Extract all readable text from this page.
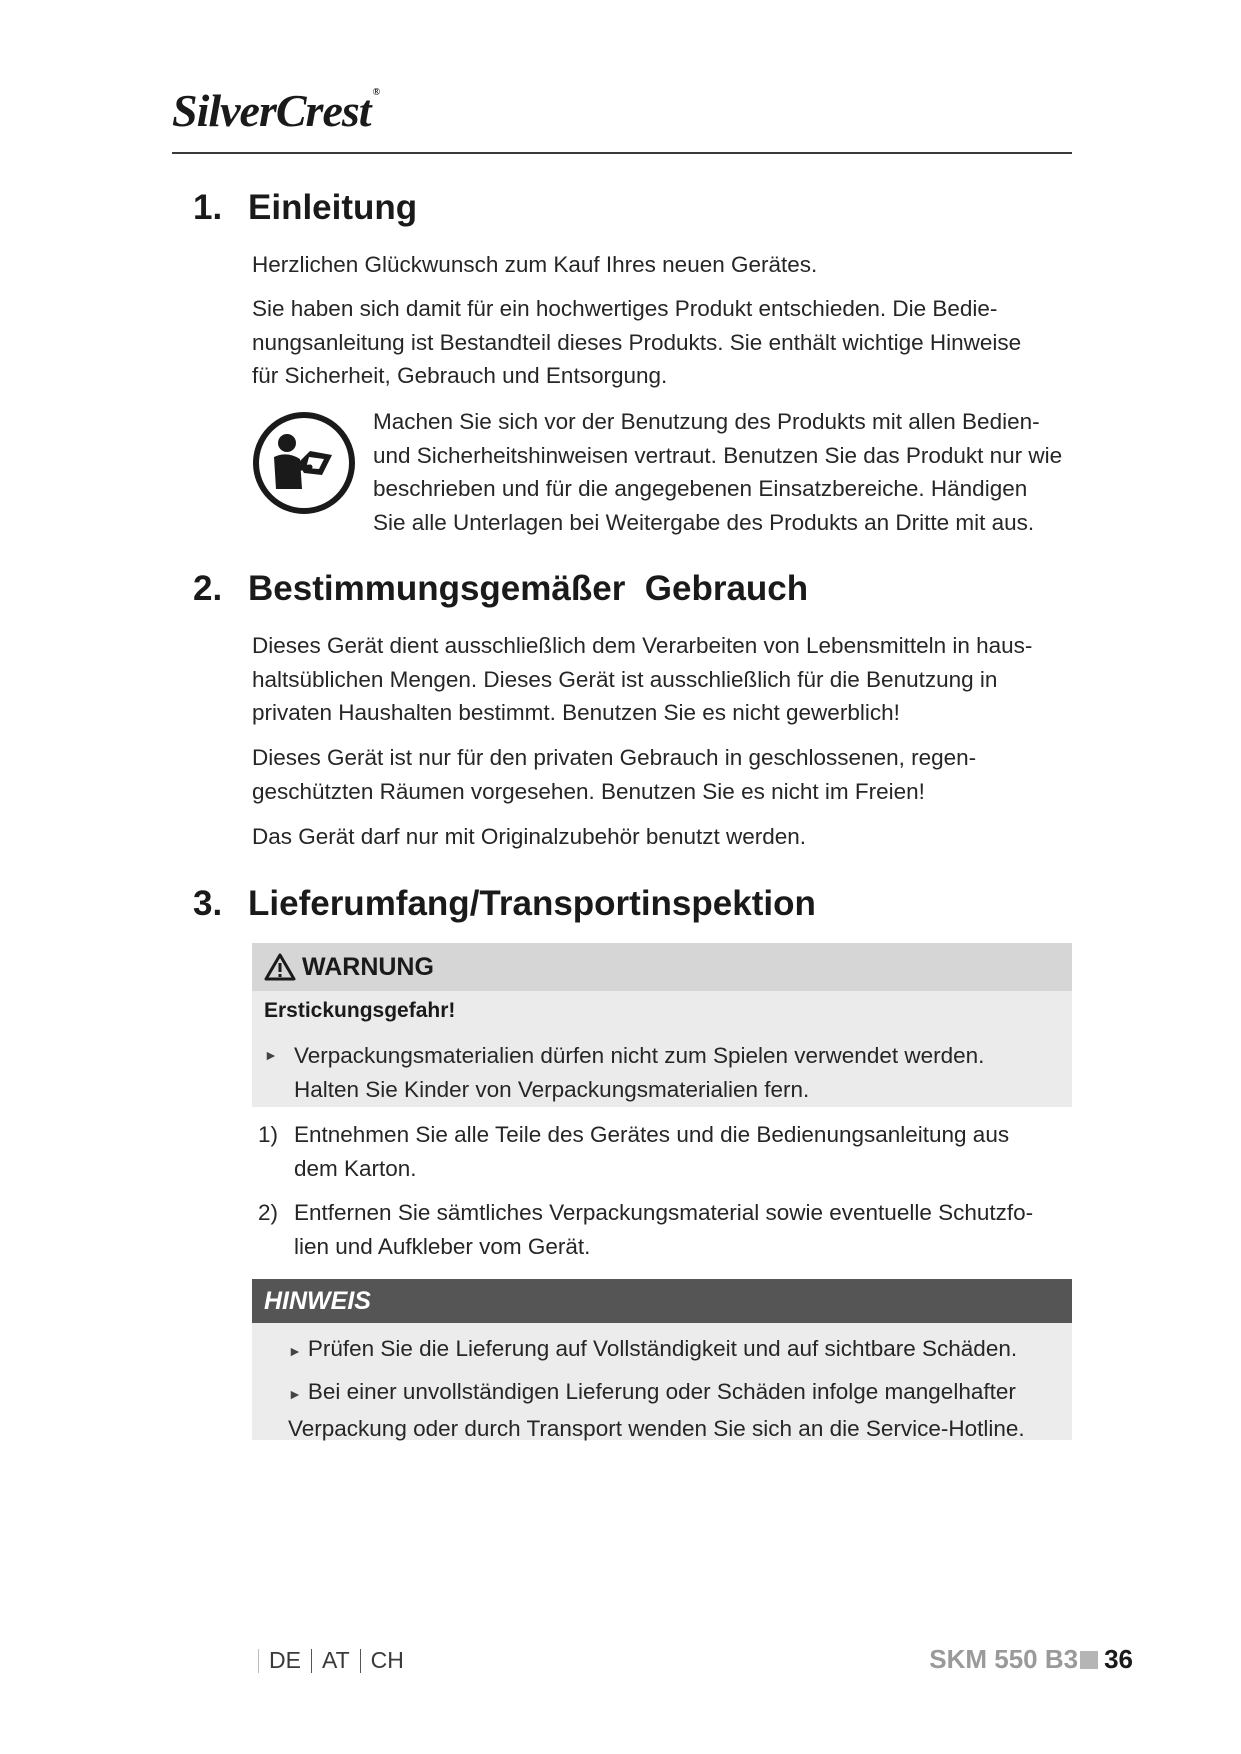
SilverCrest ®
1. Einleitung
Herzlichen Glückwunsch zum Kauf Ihres neuen Gerätes.
Sie haben sich damit für ein hochwertiges Produkt entschieden. Die Bedie-
nungsanleitung ist Bestandteil dieses Produkts. Sie enthält wichtige Hinweise
für Sicherheit, Gebrauch und Entsorgung.
Machen Sie sich vor der Benutzung des Produkts mit allen Bedien-
und Sicherheitshinweisen vertraut. Benutzen Sie das Produkt nur wie
beschrieben und für die angegebenen Einsatzbereiche. Händigen
Sie alle Unterlagen bei Weitergabe des Produkts an Dritte mit aus.
2. Bestimmungsgemäßer  Gebrauch
Dieses Gerät dient ausschließlich dem Verarbeiten von Lebensmitteln in haus-
haltsüblichen Mengen. Dieses Gerät ist ausschließlich für die Benutzung in
privaten Haushalten bestimmt. Benutzen Sie es nicht gewerblich!
Dieses Gerät ist nur für den privaten Gebrauch in geschlossenen, regen-
geschützten Räumen vorgesehen. Benutzen Sie es nicht im Freien!
Das Gerät darf nur mit Originalzubehör benutzt werden.
3. Lieferumfang/Transportinspektion
WARNUNG
Erstickungsgefahr!
► Verpackungsmaterialien dürfen nicht zum Spielen verwendet werden.
Halten Sie Kinder von Verpackungsmaterialien fern.
1) Entnehmen Sie alle Teile des Gerätes und die Bedienungsanleitung aus
dem Karton.
2) Entfernen Sie sämtliches Verpackungsmaterial sowie eventuelle Schutzfo-
lien und Aufkleber vom Gerät.
HINWEIS
► Prüfen Sie die Lieferung auf Vollständigkeit und auf sichtbare Schäden.
► Bei einer unvollständigen Lieferung oder Schäden infolge mangelhafter
Verpackung oder durch Transport wenden Sie sich an die Service-Hotline.
DE AT CH	SKM 550 B3 36
